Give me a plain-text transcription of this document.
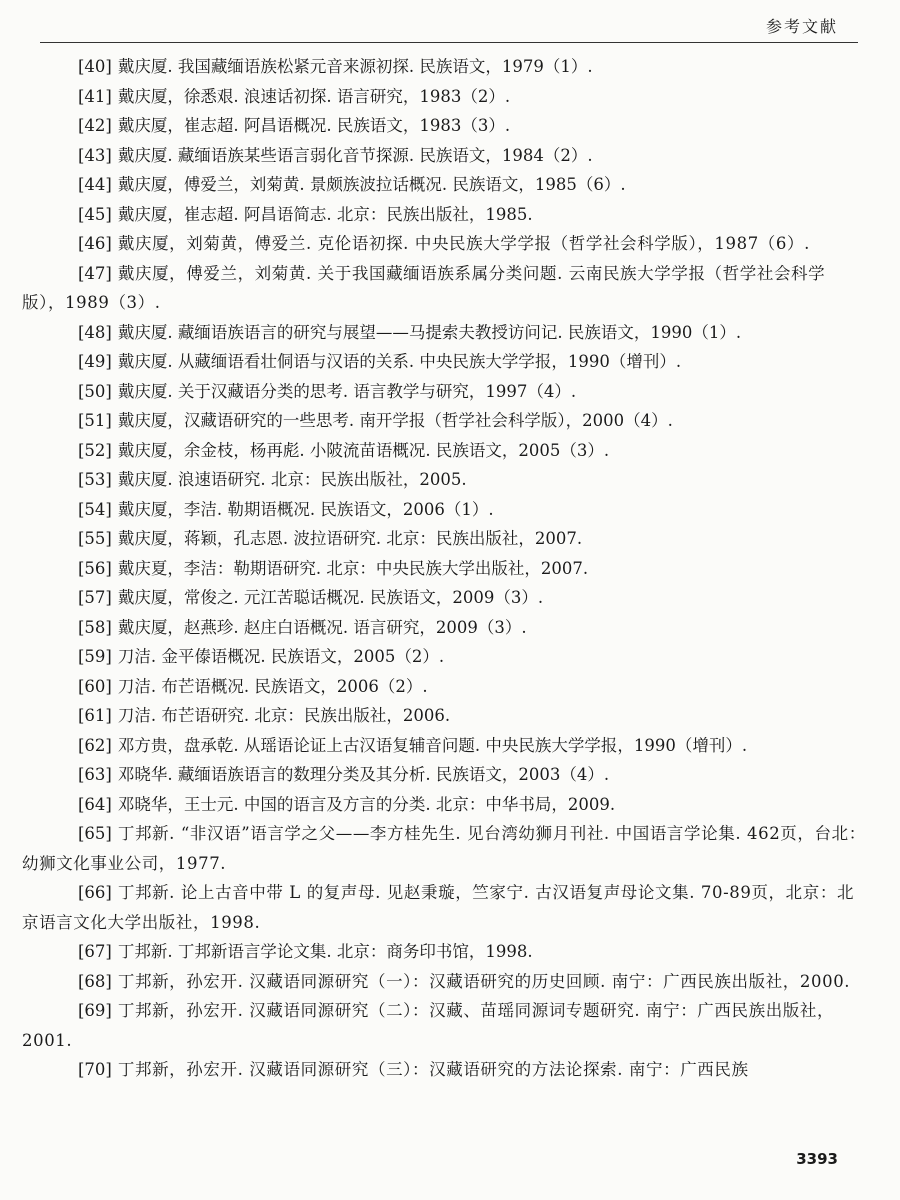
参考文献
[40] 戴庆厦. 我国藏缅语族松紧元音来源初探. 民族语文，1979（1）.
[41] 戴庆厦，徐悉艰. 浪速话初探. 语言研究，1983（2）.
[42] 戴庆厦，崔志超. 阿昌语概况. 民族语文，1983（3）.
[43] 戴庆厦. 藏缅语族某些语言弱化音节探源. 民族语文，1984（2）.
[44] 戴庆厦，傅爱兰，刘菊黄. 景颇族波拉话概况. 民族语文，1985（6）.
[45] 戴庆厦，崔志超. 阿昌语简志. 北京：民族出版社，1985.
[46] 戴庆厦，刘菊黄，傅爱兰. 克伦语初探. 中央民族大学学报（哲学社会科学版），1987（6）.
[47] 戴庆厦，傅爱兰，刘菊黄. 关于我国藏缅语族系属分类问题. 云南民族大学学报（哲学社会科学版），1989（3）.
[48] 戴庆厦. 藏缅语族语言的研究与展望——马提索夫教授访问记. 民族语文，1990（1）.
[49] 戴庆厦. 从藏缅语看壮侗语与汉语的关系. 中央民族大学学报，1990（增刊）.
[50] 戴庆厦. 关于汉藏语分类的思考. 语言教学与研究，1997（4）.
[51] 戴庆厦，汉藏语研究的一些思考. 南开学报（哲学社会科学版），2000（4）.
[52] 戴庆厦，余金枝，杨再彪. 小陂流苗语概况. 民族语文，2005（3）.
[53] 戴庆厦. 浪速语研究. 北京：民族出版社，2005.
[54] 戴庆厦，李洁. 勒期语概况. 民族语文，2006（1）.
[55] 戴庆厦，蒋颖，孔志恩. 波拉语研究. 北京：民族出版社，2007.
[56] 戴庆夏，李洁：勒期语研究. 北京：中央民族大学出版社，2007.
[57] 戴庆厦，常俊之. 元江苦聪话概况. 民族语文，2009（3）.
[58] 戴庆厦，赵燕珍. 赵庄白语概况. 语言研究，2009（3）.
[59] 刀洁. 金平傣语概况. 民族语文，2005（2）.
[60] 刀洁. 布芒语概况. 民族语文，2006（2）.
[61] 刀洁. 布芒语研究. 北京：民族出版社，2006.
[62] 邓方贵，盘承乾. 从瑶语论证上古汉语复辅音问题. 中央民族大学学报，1990（增刊）.
[63] 邓晓华. 藏缅语族语言的数理分类及其分析. 民族语文，2003（4）.
[64] 邓晓华，王士元. 中国的语言及方言的分类. 北京：中华书局，2009.
[65] 丁邦新. “非汉语”语言学之父——李方桂先生. 见台湾幼狮月刊社. 中国语言学论集. 462页，台北：幼狮文化事业公司，1977.
[66] 丁邦新. 论上古音中带 L 的复声母. 见赵秉璇，竺家宁. 古汉语复声母论文集. 70-89页，北京：北京语言文化大学出版社，1998.
[67] 丁邦新. 丁邦新语言学论文集. 北京：商务印书馆，1998.
[68] 丁邦新，孙宏开. 汉藏语同源研究（一）：汉藏语研究的历史回顾. 南宁：广西民族出版社，2000.
[69] 丁邦新，孙宏开. 汉藏语同源研究（二）：汉藏、苗瑶同源词专题研究. 南宁：广西民族出版社，2001.
[70] 丁邦新，孙宏开. 汉藏语同源研究（三）：汉藏语研究的方法论探索. 南宁：广西民族
3393
